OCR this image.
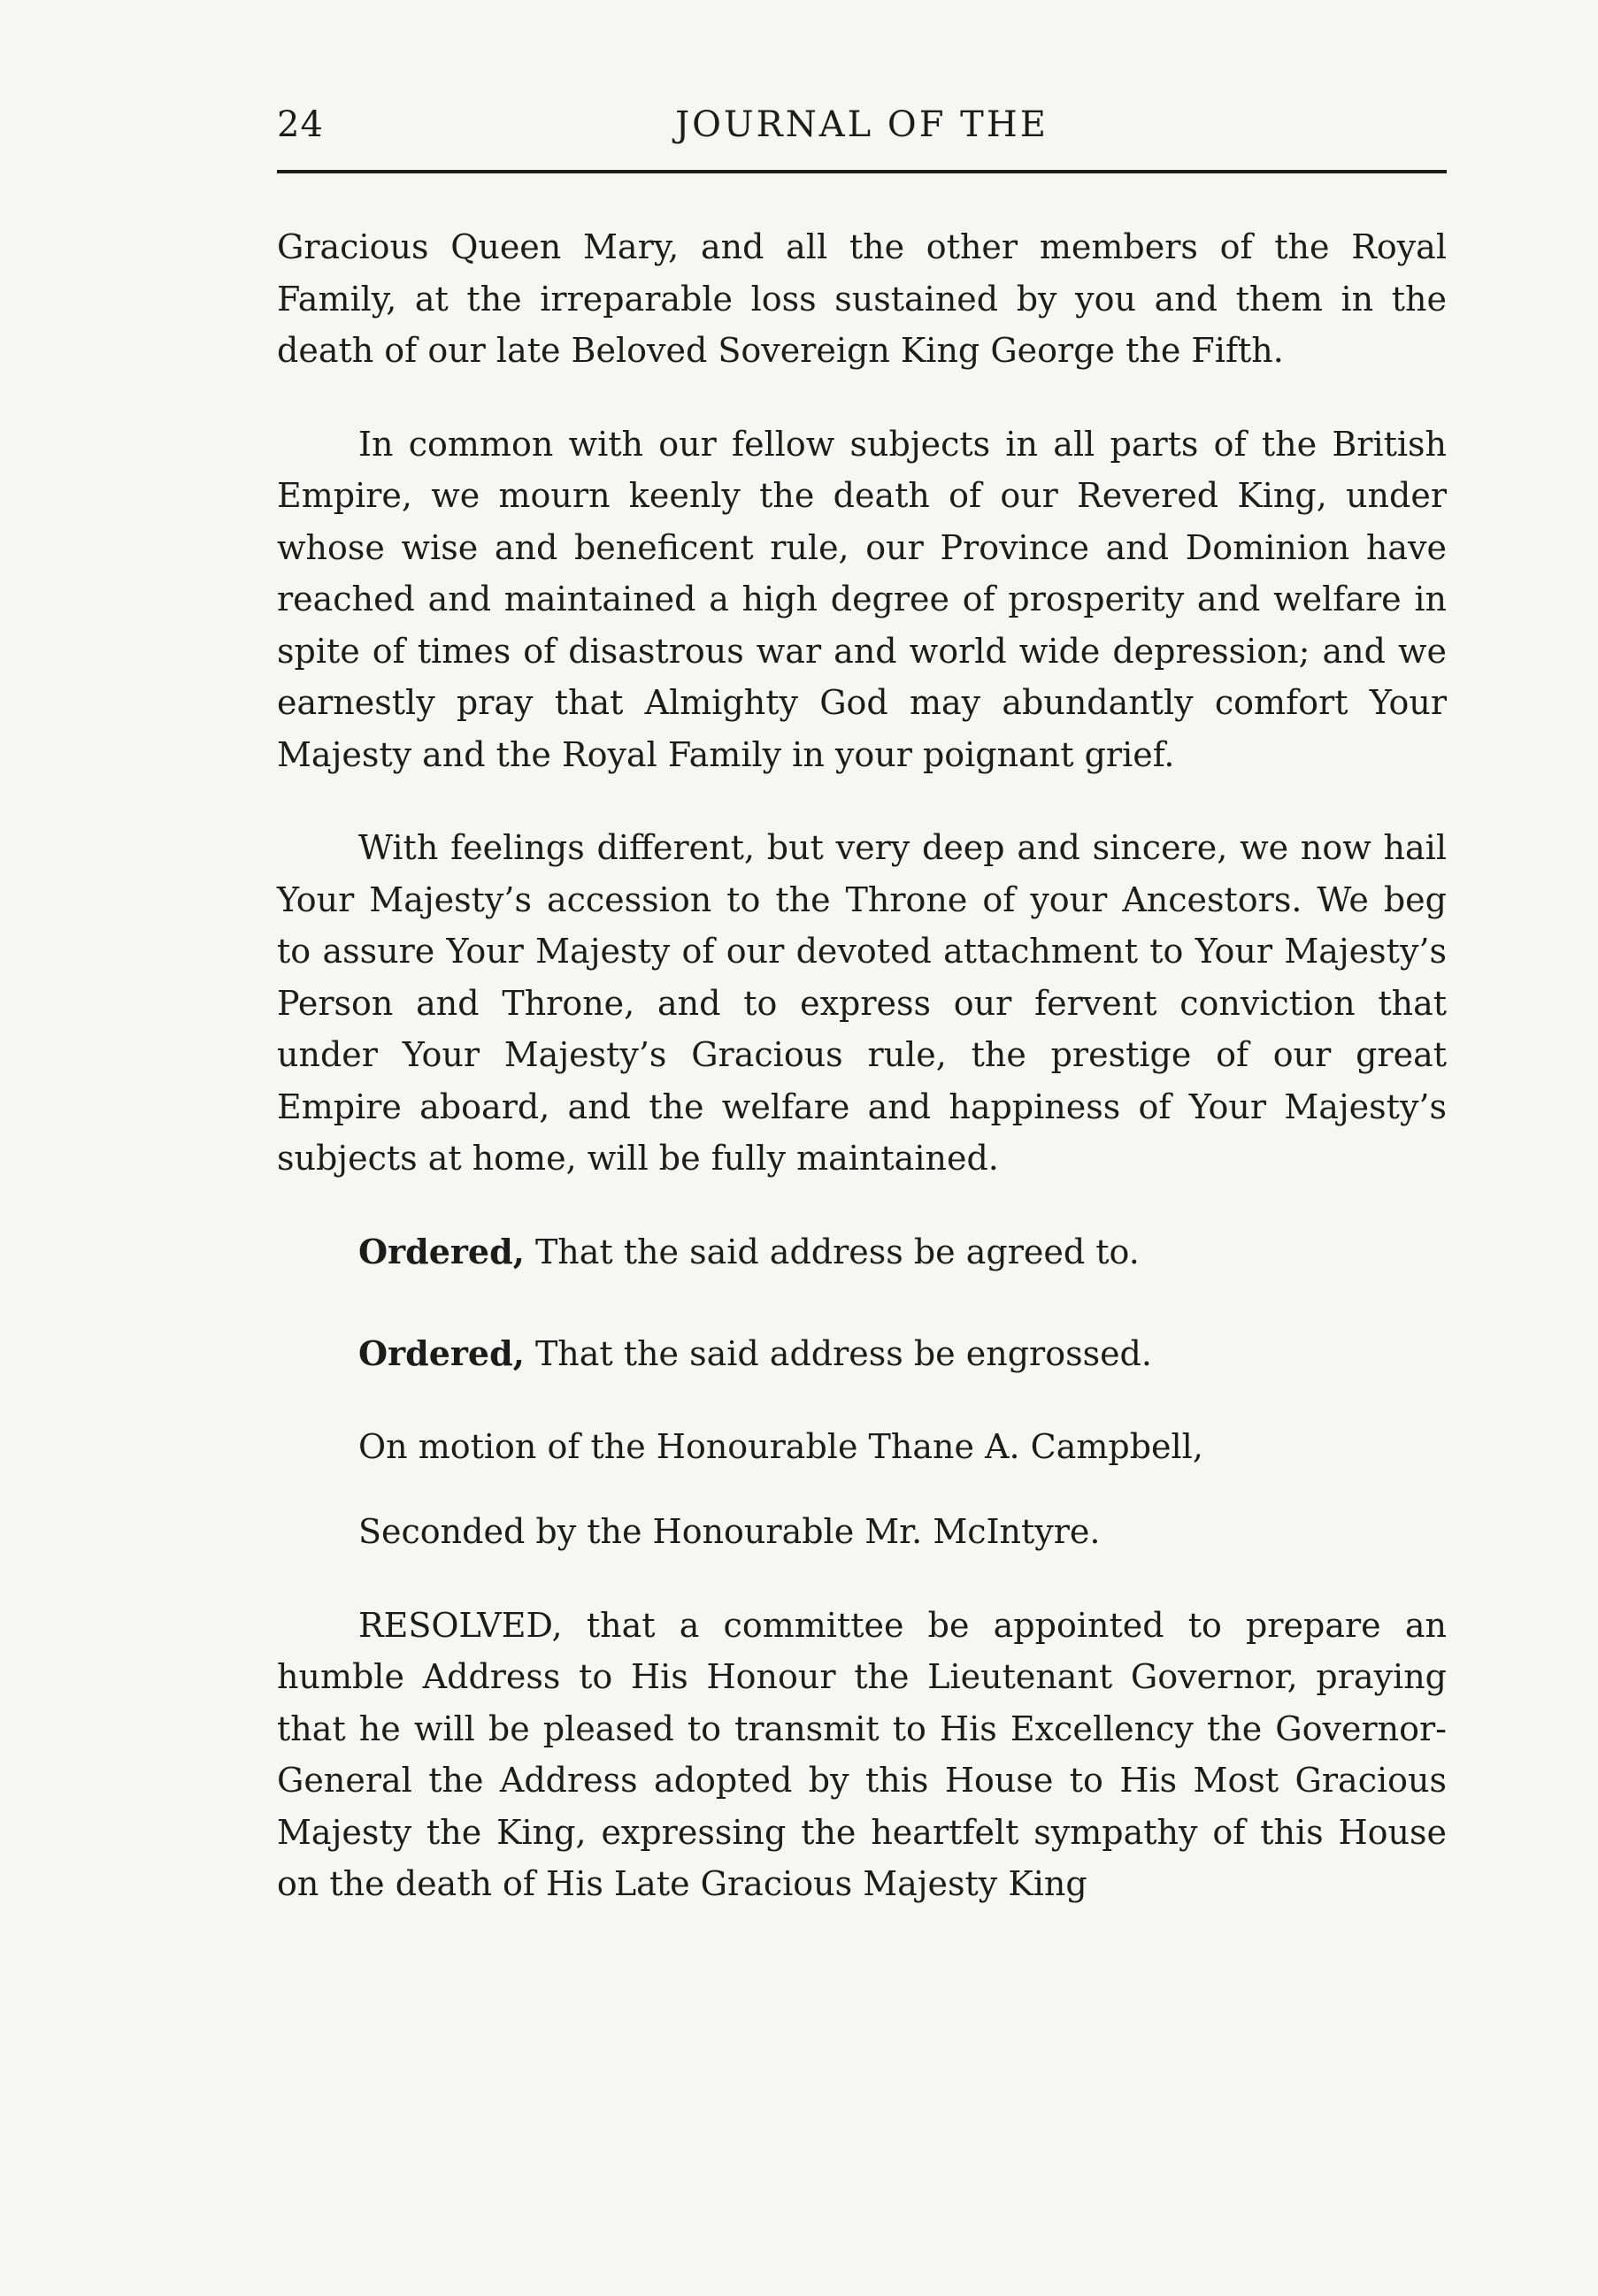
24	JOURNAL OF THE

Gracious Queen Mary, and all the other members of the Royal Family, at the irreparable loss sustained by you and them in the death of our late Beloved Sovereign King George the Fifth.

In common with our fellow subjects in all parts of the British Empire, we mourn keenly the death of our Revered King, under whose wise and beneficent rule, our Province and Dominion have reached and maintained a high degree of prosperity and welfare in spite of times of disastrous war and world wide depression; and we earnestly pray that Almighty God may abundantly comfort Your Majesty and the Royal Family in your poignant grief.

With feelings different, but very deep and sincere, we now hail Your Majesty’s accession to the Throne of your Ancestors. We beg to assure Your Majesty of our devoted attachment to Your Majesty’s Person and Throne, and to express our fervent conviction that under Your Majesty’s Gracious rule, the prestige of our great Empire aboard, and the welfare and happiness of Your Majesty’s subjects at home, will be fully maintained.

Ordered, That the said address be agreed to.

Ordered, That the said address be engrossed.

On motion of the Honourable Thane A. Campbell,

Seconded by the Honourable Mr. McIntyre.

RESOLVED, that a committee be appointed to prepare an humble Address to His Honour the Lieutenant Governor, praying that he will be pleased to transmit to His Excellency the Governor-General the Address adopted by this House to His Most Gracious Majesty the King, expressing the heartfelt sympathy of this House on the death of His Late Gracious Majesty King
